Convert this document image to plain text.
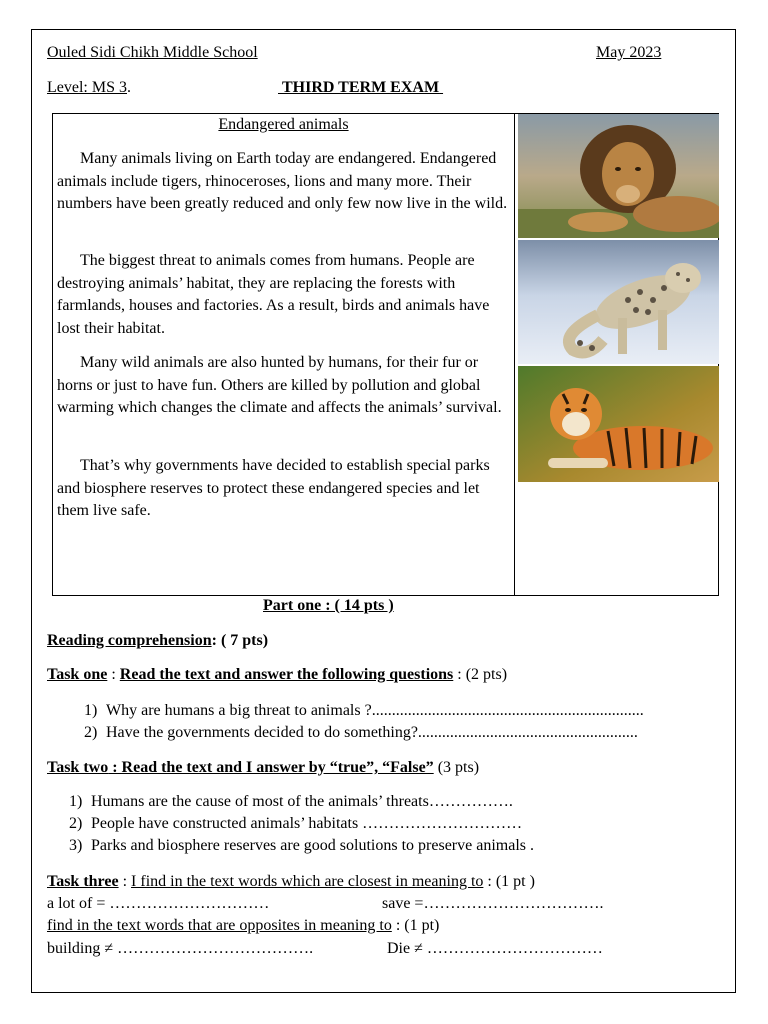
Ouled Sidi Chikh Middle School	May 2023
Level: MS 3.	THIRD TERM EXAM
Endangered animals
Many animals living on Earth today are endangered. Endangered animals include tigers, rhinoceroses, lions and many more. Their numbers have been greatly reduced and only few now live in the wild.
The biggest threat to animals comes from humans. People are destroying animals’ habitat, they are replacing the forests with farmlands, houses and factories. As a result, birds and animals have lost their habitat.
Many wild animals are also hunted by humans, for their fur or horns or just to have fun. Others are killed by pollution and global warming which changes the climate and affects the animals’ survival.
That’s why governments have decided to establish special parks and biosphere reserves to protect these endangered species and let them live safe.
Part one : ( 14 pts )
Reading comprehension: ( 7 pts)
Task one : Read the text and answer the following questions : (2 pts)
1) Why are humans a big threat to animals ?....................................................................
2) Have the governments decided to do something?.......................................................
Task two : Read the text and I answer by “true”, “False” (3 pts)
1) Humans are the cause of most of the animals’ threats…………….
2) People have constructed animals’ habitats …………………………
3) Parks and biosphere reserves are good solutions to preserve animals .
Task three : I find in the text words which are closest in meaning to : (1 pt )
a lot of = …………………………	save =…………………………….
find in the text words that are opposites in meaning to : (1 pt)
building ≠ ……………………………….	Die ≠ ……………………………
